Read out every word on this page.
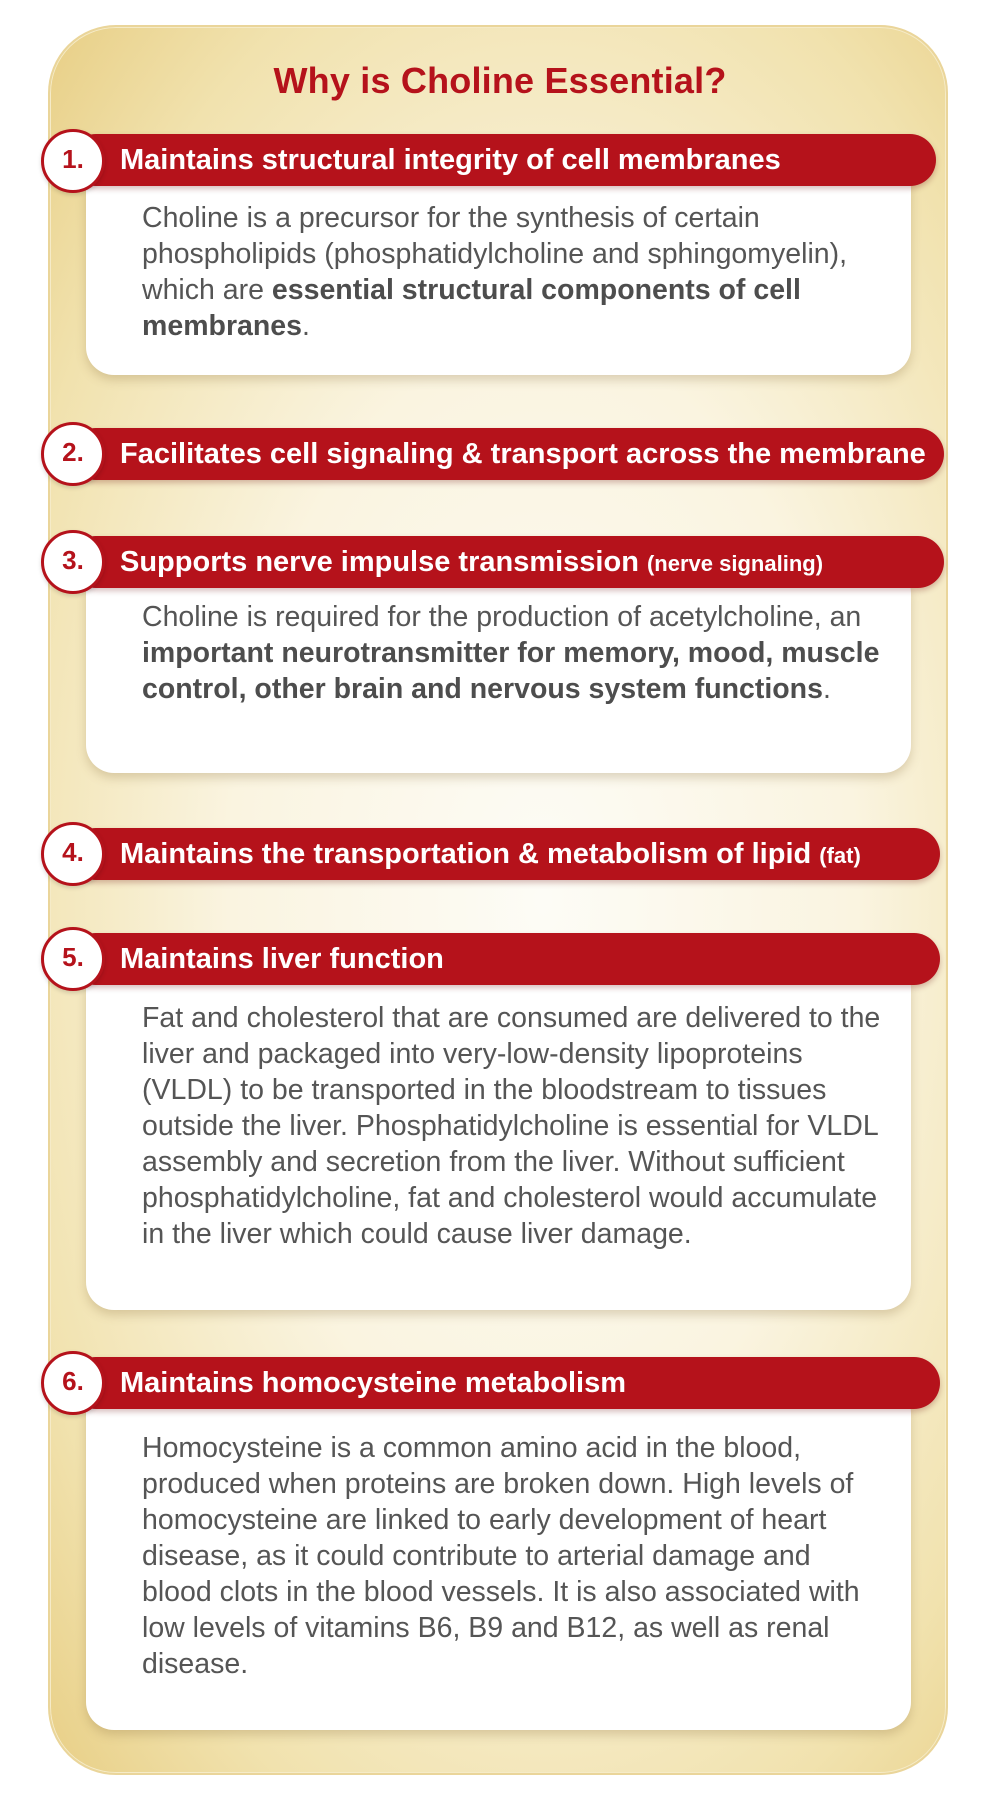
Why is Choline Essential?

Choline is a precursor for the synthesis of certain phospholipids (phosphatidylcholine and sphingomyelin), which are essential structural components of cell membranes.

Maintains structural integrity of cell membranes
1.
Facilitates cell signaling & transport across the membrane
2.

Choline is required for the production of acetylcholine, an important neurotransmitter for memory, mood, muscle control, other brain and nervous system functions.

Supports nerve impulse transmission (nerve signaling)
3.
Maintains the transportation & metabolism of lipid (fat)
4.

Fat and cholesterol that are consumed are delivered to the liver and packaged into very-low-density lipoproteins (VLDL) to be transported in the bloodstream to tissues outside the liver. Phosphatidylcholine is essential for VLDL assembly and secretion from the liver. Without sufficient phosphatidylcholine, fat and cholesterol would accumulate in the liver which could cause liver damage.

Maintains liver function
5.

Homocysteine is a common amino acid in the blood, produced when proteins are broken down. High levels of homocysteine are linked to early development of heart disease, as it could contribute to arterial damage and blood clots in the blood vessels. It is also associated with low levels of vitamins B6, B9 and B12, as well as renal disease.

Maintains homocysteine metabolism
6.
